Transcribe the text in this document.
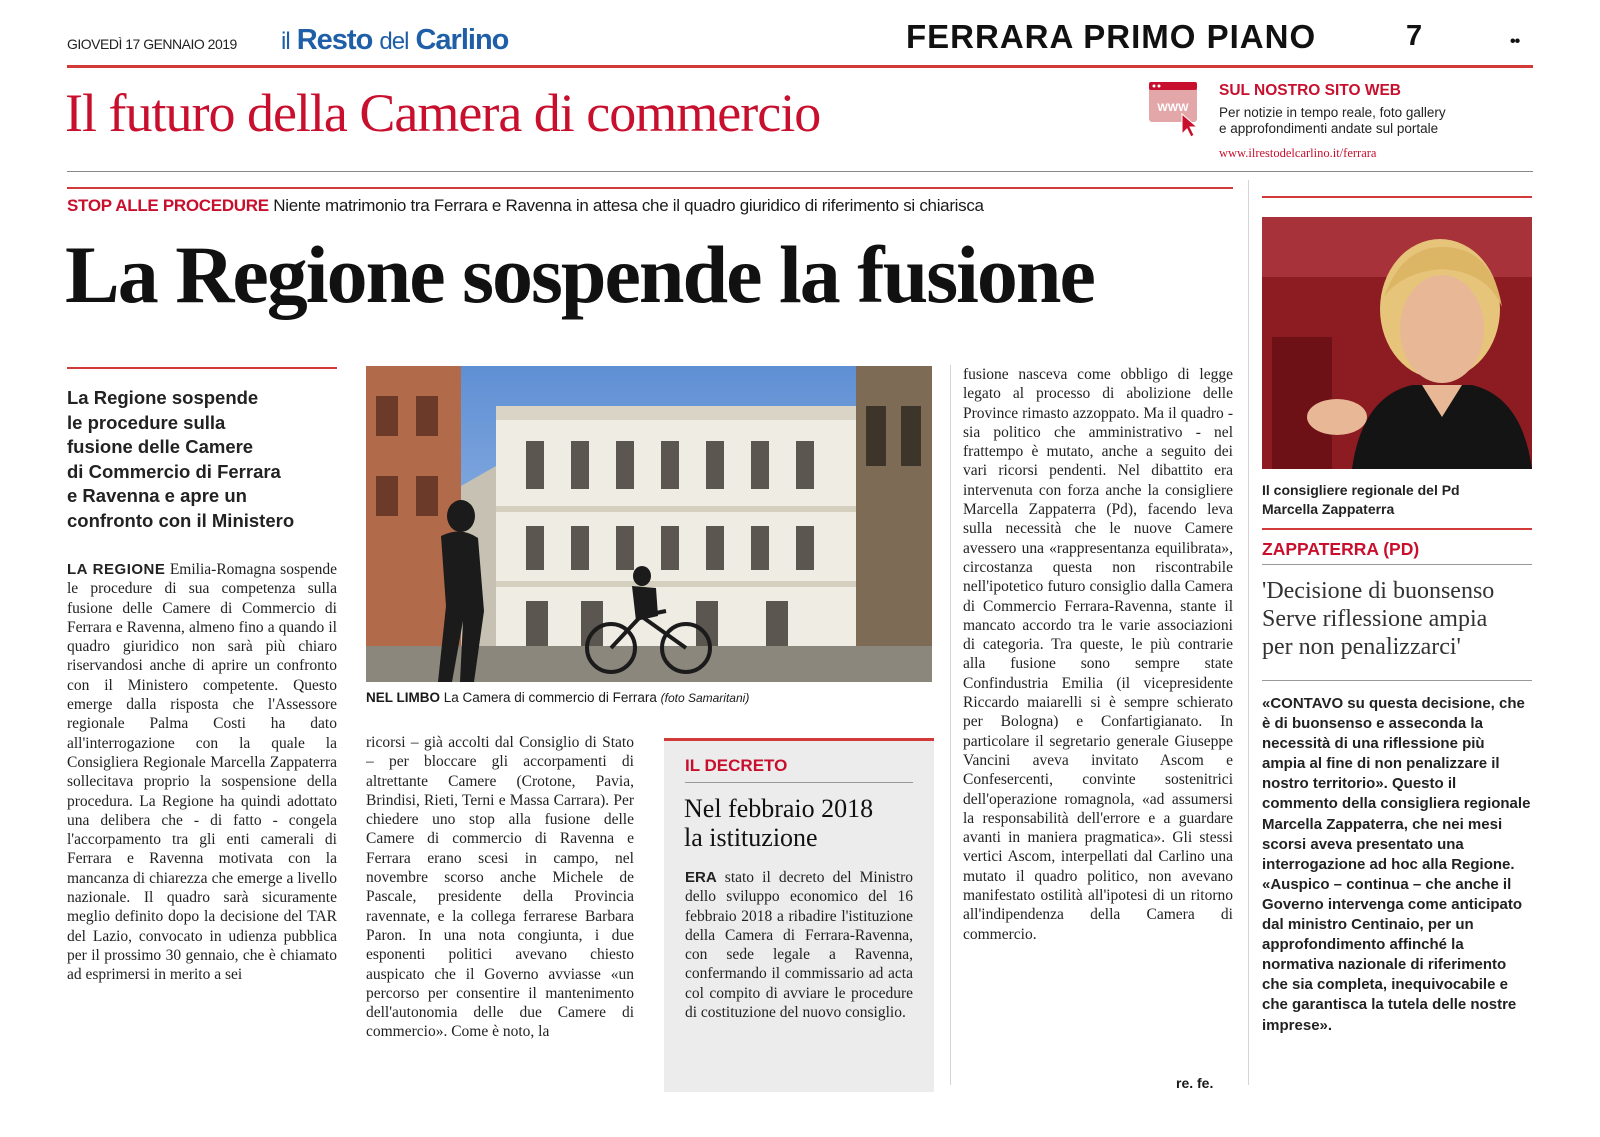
GIOVEDÌ 17 GENNAIO 2019 il Resto del Carlino	FERRARA PRIMO PIANO	7	••
Il futuro della Camera di commercio	WWW
SUL NOSTRO SITO WEB
Per notizie in tempo reale, foto gallery
e approfondimenti andate sul portale
www.ilrestodelcarlino.it/ferrara
STOP ALLE PROCEDURE Niente matrimonio tra Ferrara e Ravenna in attesa che il quadro giuridico di riferimento si chiarisca
La Regione sospende la fusione
La Regione sospende
le procedure sulla
fusione delle Camere
di Commercio di Ferrara
e Ravenna e apre un
confronto con il Ministero
LA REGIONE Emilia-Romagna sospende le procedure di sua competenza sulla fusione delle Camere di Commercio di Ferrara e Ravenna, almeno fino a quando il quadro giuridico non sarà più chiaro riservandosi anche di aprire un confronto con il Ministero competente. Questo emerge dalla risposta che l'Assessore regionale Palma Costi ha dato all'interrogazione con la quale la Consigliera Regionale Marcella Zappaterra sollecitava proprio la sospensione della procedura. La Regione ha quindi adottato una delibera che - di fatto - congela l'accorpamento tra gli enti camerali di Ferrara e Ravenna motivata con la mancanza di chiarezza che emerge a livello nazionale. Il quadro sarà sicuramente meglio definito dopo la decisione del TAR del Lazio, convocato in udienza pubblica per il prossimo 30 gennaio, che è chiamato ad esprimersi in merito a sei
NEL LIMBO La Camera di commercio di Ferrara (foto Samaritani)
ricorsi – già accolti dal Consiglio di Stato – per bloccare gli accorpamenti di altrettante Camere (Crotone, Pavia, Brindisi, Rieti, Terni e Massa Carrara). Per chiedere uno stop alla fusione delle Camere di commercio di Ravenna e Ferrara erano scesi in campo, nel novembre scorso anche Michele de Pascale, presidente della Provincia ravennate, e la collega ferrarese Barbara Paron. In una nota congiunta, i due esponenti politici avevano chiesto auspicato che il Governo avviasse «un percorso per consentire il mantenimento dell'autonomia delle due Camere di commercio». Come è noto, la
IL DECRETO
Nel febbraio 2018
la istituzione
ERA stato il decreto del Ministro dello sviluppo economico del 16 febbraio 2018 a ribadire l'istituzione della Camera di Ferrara-Ravenna, con sede legale a Ravenna, confermando il commissario ad acta col compito di avviare le procedure di costituzione del nuovo consiglio.
fusione nasceva come obbligo di legge legato al processo di abolizione delle Province rimasto azzoppato. Ma il quadro - sia politico che amministrativo - nel frattempo è mutato, anche a seguito dei vari ricorsi pendenti. Nel dibattito era intervenuta con forza anche la consigliere Marcella Zappaterra (Pd), facendo leva sulla necessità che le nuove Camere avessero una «rappresentanza equilibrata», circostanza questa non riscontrabile nell'ipotetico futuro consiglio dalla Camera di Commercio Ferrara-Ravenna, stante il mancato accordo tra le varie associazioni di categoria. Tra queste, le più contrarie alla fusione sono sempre state Confindustria Emilia (il vicepresidente Riccardo maiarelli si è sempre schierato per Bologna) e Confartigianato. In particolare il segretario generale Giuseppe Vancini aveva invitato Ascom e Confesercenti, convinte sostenitrici dell'operazione romagnola, «ad assumersi la responsabilità dell'errore e a guardare avanti in maniera pragmatica». Gli stessi vertici Ascom, interpellati dal Carlino una mutato il quadro politico, non avevano manifestato ostilità all'ipotesi di un ritorno all'indipendenza della Camera di commercio.
re. fe.
Il consigliere regionale del Pd
Marcella Zappaterra
ZAPPATERRA (PD)
'Decisione di buonsenso
Serve riflessione ampia
per non penalizzarci'
«CONTAVO su questa decisione, che è di buonsenso e asseconda la necessità di una riflessione più ampia al fine di non penalizzare il nostro territorio». Questo il commento della consigliera regionale Marcella Zappaterra, che nei mesi scorsi aveva presentato una interrogazione ad hoc alla Regione. «Auspico – continua – che anche il Governo intervenga come anticipato dal ministro Centinaio, per un approfondimento affinché la normativa nazionale di riferimento che sia completa, inequivocabile e che garantisca la tutela delle nostre imprese».
